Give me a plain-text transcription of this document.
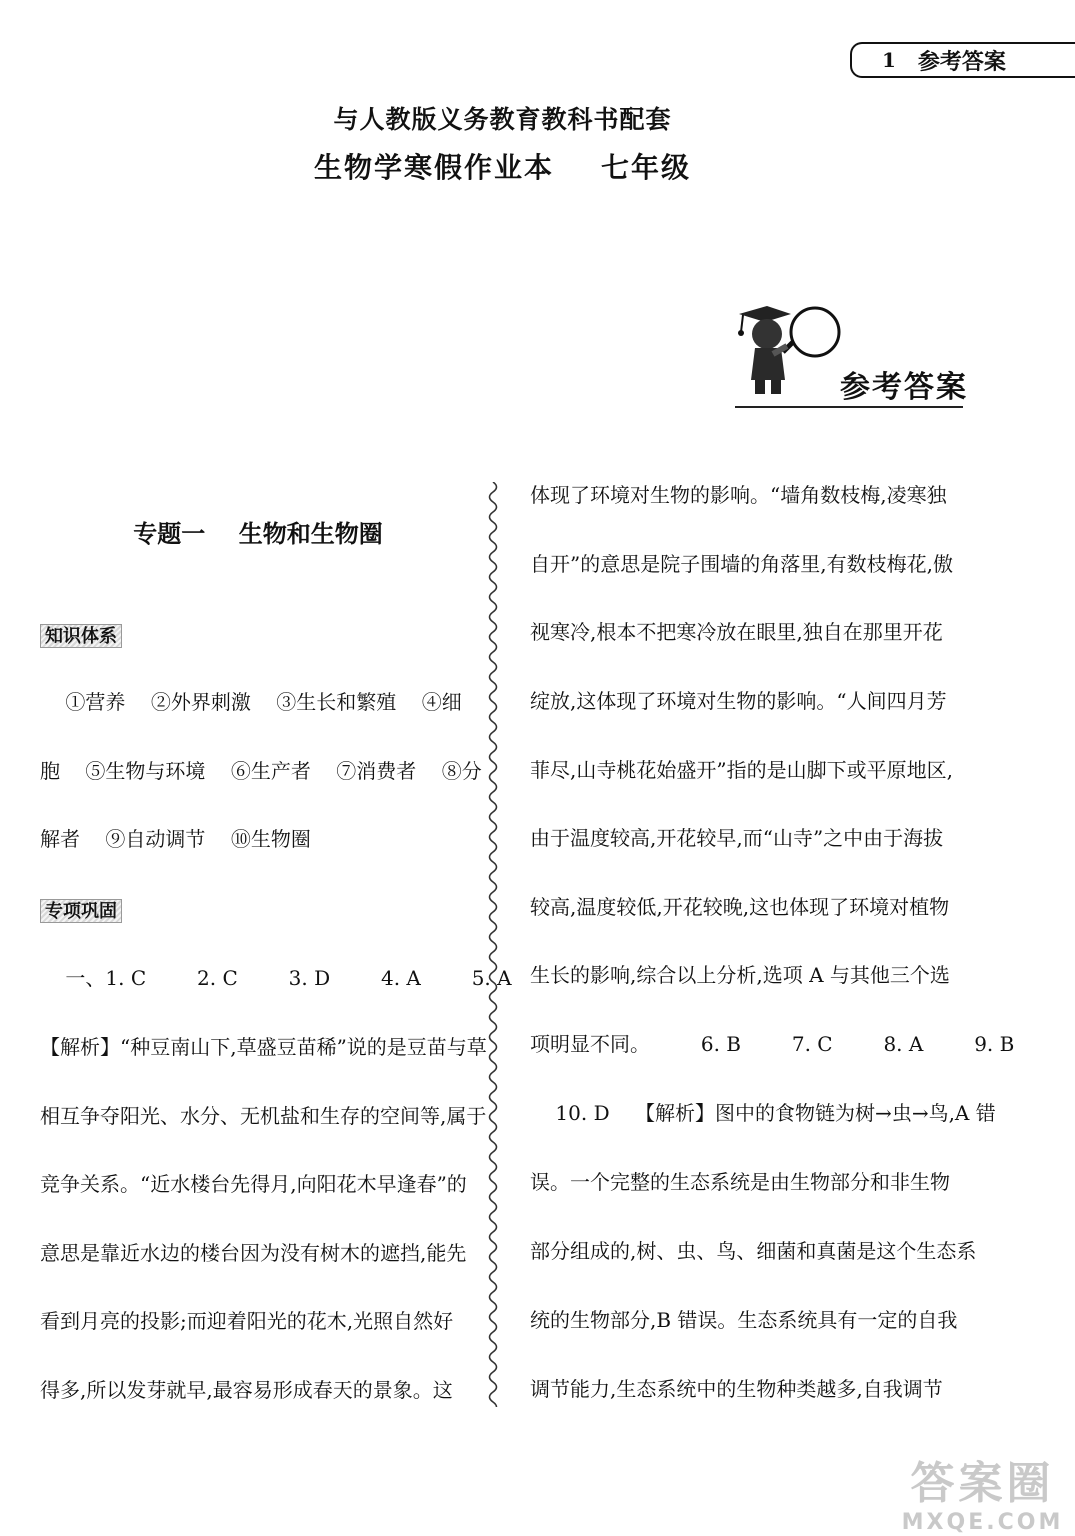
1 参考答案
与人教版义务教育教科书配套
生物学寒假作业本    七年级
参考答案
专题一    生物和生物圈
知识体系
专项巩固
①营养    ②外界刺激    ③生长和繁殖    ④细
胞    ⑤生物与环境    ⑥生产者    ⑦消费者    ⑧分
解者    ⑨自动调节    ⑩生物圈
一、1. C        2. C        3. D        4. A        5. A
【解析】“种豆南山下,草盛豆苗稀”说的是豆苗与草
相互争夺阳光、水分、无机盐和生存的空间等,属于
竞争关系。“近水楼台先得月,向阳花木早逢春”的
意思是靠近水边的楼台因为没有树木的遮挡,能先
看到月亮的投影;而迎着阳光的花木,光照自然好
得多,所以发芽就早,最容易形成春天的景象。这
体现了环境对生物的影响。“墙角数枝梅,凌寒独
自开”的意思是院子围墙的角落里,有数枝梅花,傲
视寒冷,根本不把寒冷放在眼里,独自在那里开花
绽放,这体现了环境对生物的影响。“人间四月芳
菲尽,山寺桃花始盛开”指的是山脚下或平原地区,
由于温度较高,开花较早,而“山寺”之中由于海拔
较高,温度较低,开花较晚,这也体现了环境对植物
生长的影响,综合以上分析,选项 A 与其他三个选
项明显不同。        6. B        7. C        8. A        9. B
10. D    【解析】图中的食物链为树→虫→鸟,A 错
误。一个完整的生态系统是由生物部分和非生物
部分组成的,树、虫、鸟、细菌和真菌是这个生态系
统的生物部分,B 错误。生态系统具有一定的自我
调节能力,生态系统中的生物种类越多,自我调节
答案圈
MXQE.COM
